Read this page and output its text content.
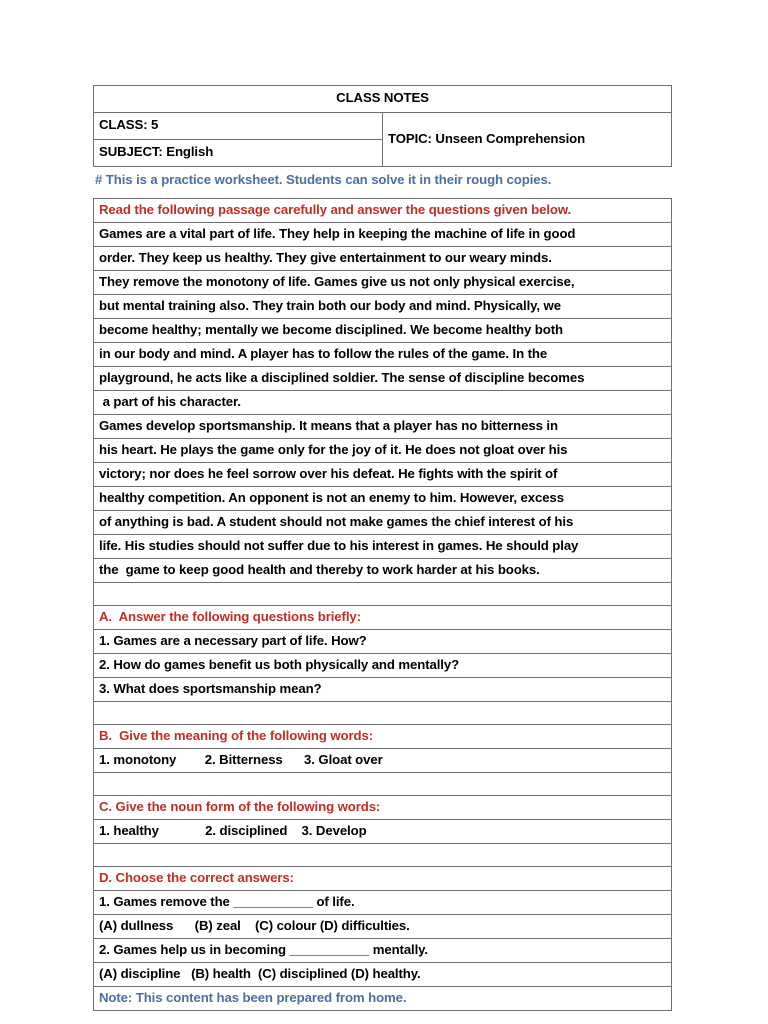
CLASS NOTES
CLASS: 5	TOPIC: Unseen Comprehension
SUBJECT: English
# This is a practice worksheet. Students can solve it in their rough copies.
Read the following passage carefully and answer the questions given below.
Games are a vital part of life. They help in keeping the machine of life in good
order. They keep us healthy. They give entertainment to our weary minds.
They remove the monotony of life. Games give us not only physical exercise,
but mental training also. They train both our body and mind. Physically, we
become healthy; mentally we become disciplined. We become healthy both
in our body and mind. A player has to follow the rules of the game. In the
playground, he acts like a disciplined soldier. The sense of discipline becomes
a part of his character.
Games develop sportsmanship. It means that a player has no bitterness in
his heart. He plays the game only for the joy of it. He does not gloat over his
victory; nor does he feel sorrow over his defeat. He fights with the spirit of
healthy competition. An opponent is not an enemy to him. However, excess
of anything is bad. A student should not make games the chief interest of his
life. His studies should not suffer due to his interest in games. He should play
the  game to keep good health and thereby to work harder at his books.

A.  Answer the following questions briefly:
1. Games are a necessary part of life. How?
2. How do games benefit us both physically and mentally?
3. What does sportsmanship mean?

B.  Give the meaning of the following words:
1. monotony        2. Bitterness      3. Gloat over

C. Give the noun form of the following words:
1. healthy             2. disciplined    3. Develop

D. Choose the correct answers:
1. Games remove the ___________ of life.
(A) dullness      (B) zeal    (C) colour (D) difficulties.
2. Games help us in becoming ___________ mentally.
(A) discipline   (B) health  (C) disciplined (D) healthy.
Note: This content has been prepared from home.
